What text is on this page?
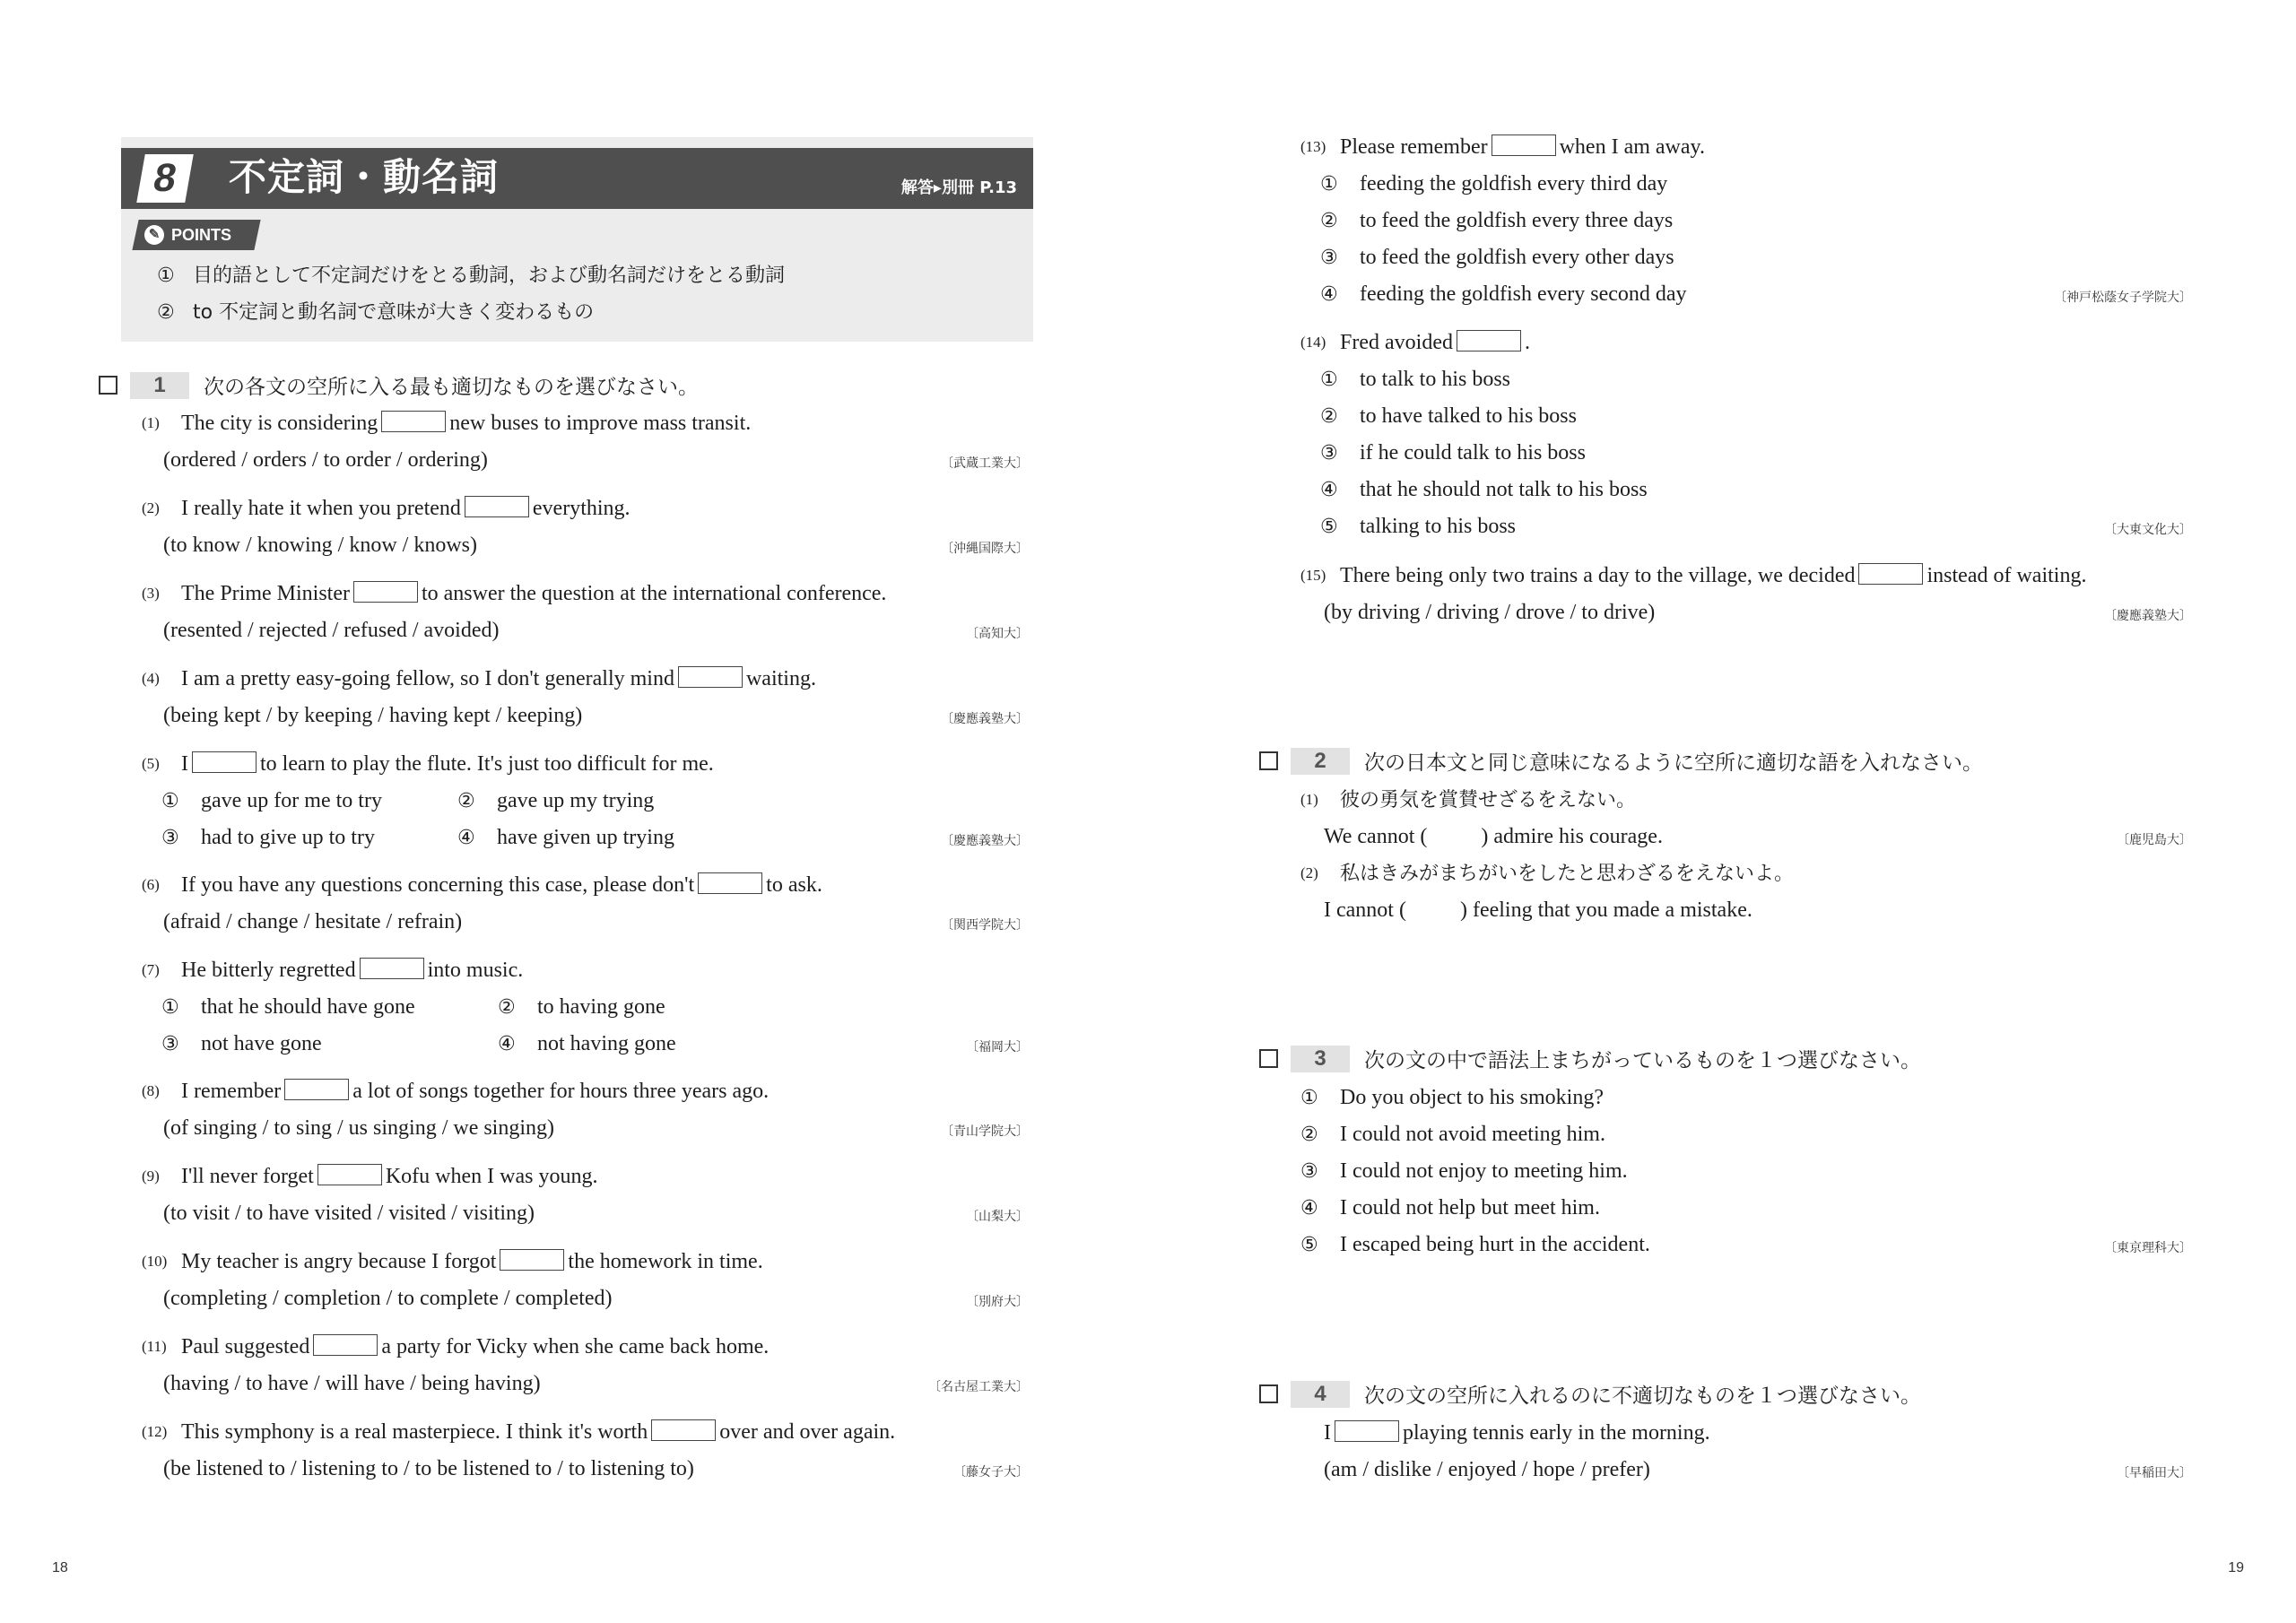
8	不定詞・動名詞	解答▸別冊 P.13
✎ POINTS
① 目的語として不定詞だけをとる動詞，および動名詞だけをとる動詞
② to 不定詞と動名詞で意味が大きく変わるもの
1	次の各文の空所に入る最も適切なものを選びなさい。
(1) The city is considering	new buses to improve mass transit.
(ordered / orders / to order / ordering)	〔武蔵工業大〕
(2) I really hate it when you pretend	everything.
(to know / knowing / know / knows)	〔沖縄国際大〕
(3) The Prime Minister	to answer the question at the international conference.
(resented / rejected / refused / avoided)	〔高知大〕
(4) I am a pretty easy-going fellow, so I don't generally mind	waiting.
(being kept / by keeping / having kept / keeping)	〔慶應義塾大〕
(5) I	to learn to play the flute. It's just too difficult for me.
① gave up for me to try	② gave up my trying
③ had to give up to try	④ have given up trying	〔慶應義塾大〕
(6) If you have any questions concerning this case, please don't	to ask.
(afraid / change / hesitate / refrain)	〔関西学院大〕
(7) He bitterly regretted	into music.
① that he should have gone	② to having gone
③ not have gone	④ not having gone	〔福岡大〕
(8) I remember	a lot of songs together for hours three years ago.
(of singing / to sing / us singing / we singing)	〔青山学院大〕
(9) I'll never forget	Kofu when I was young.
(to visit / to have visited / visited / visiting)	〔山梨大〕
(10) My teacher is angry because I forgot	the homework in time.
(completing / completion / to complete / completed)	〔別府大〕
(11) Paul suggested	a party for Vicky when she came back home.
(having / to have / will have / being having)	〔名古屋工業大〕
(12) This symphony is a real masterpiece. I think it's worth	over and over again.
(be listened to / listening to / to be listened to / to listening to)	〔藤女子大〕
18
(13) Please remember	when I am away.
① feeding the goldfish every third day
② to feed the goldfish every three days
③ to feed the goldfish every other days
④ feeding the goldfish every second day	〔神戸松蔭女子学院大〕
(14) Fred avoided	.
① to talk to his boss
② to have talked to his boss
③ if he could talk to his boss
④ that he should not talk to his boss
⑤ talking to his boss	〔大東文化大〕
(15) There being only two trains a day to the village, we decided	instead of waiting.
(by driving / driving / drove / to drive)	〔慶應義塾大〕
2	次の日本文と同じ意味になるように空所に適切な語を入れなさい。
(1) 彼の勇気を賞賛せざるをえない。
We cannot (	) admire his courage.	〔鹿児島大〕
(2) 私はきみがまちがいをしたと思わざるをえないよ。
I cannot (	) feeling that you made a mistake.
3	次の文の中で語法上まちがっているものを１つ選びなさい。
① Do you object to his smoking?
② I could not avoid meeting him.
③ I could not enjoy to meeting him.
④ I could not help but meet him.
⑤ I escaped being hurt in the accident.	〔東京理科大〕
4	次の文の空所に入れるのに不適切なものを１つ選びなさい。
I	playing tennis early in the morning.
(am / dislike / enjoyed / hope / prefer)	〔早稲田大〕
19
